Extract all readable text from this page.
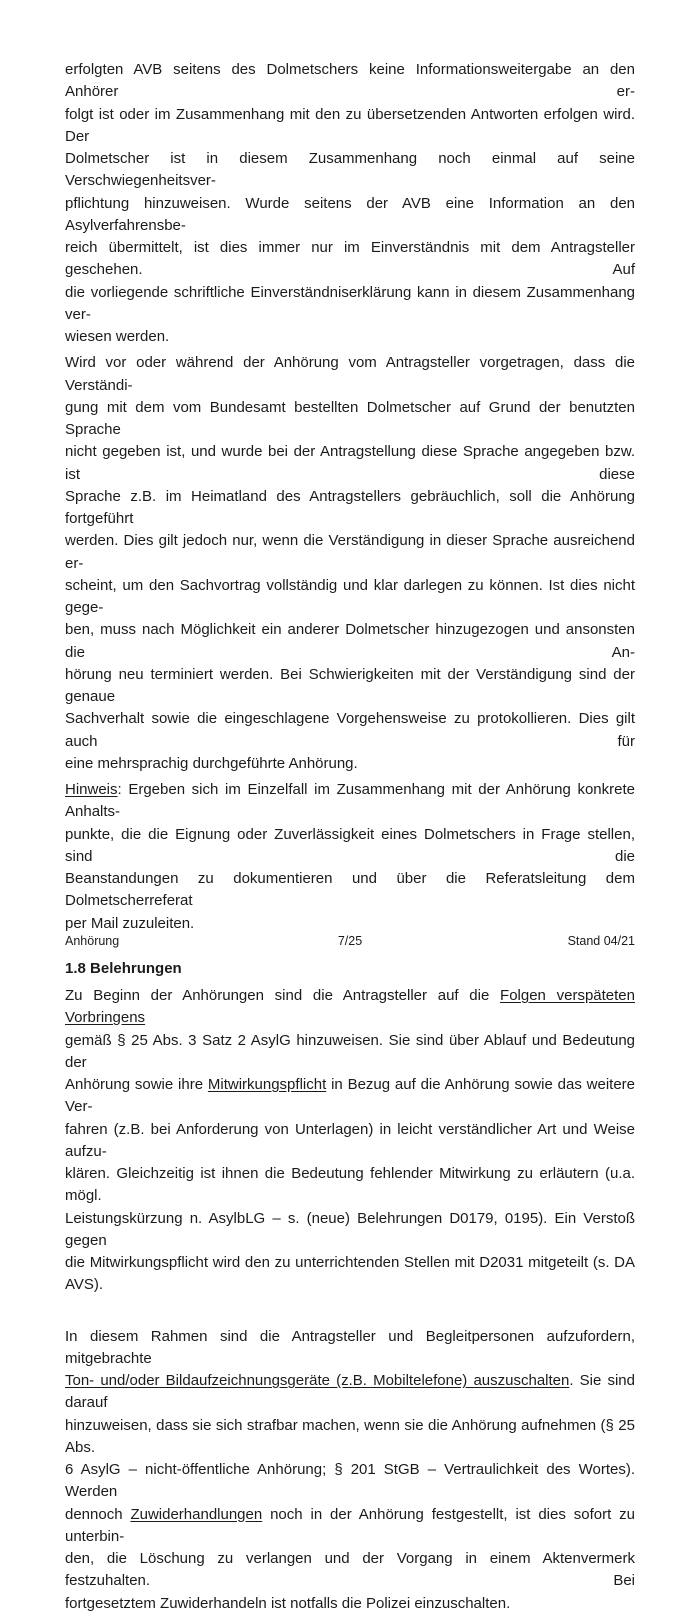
erfolgten AVB seitens des Dolmetschers keine Informationsweitergabe an den Anhörer er-
folgt ist oder im Zusammenhang mit den zu übersetzenden Antworten erfolgen wird. Der
Dolmetscher ist in diesem Zusammenhang noch einmal auf seine Verschwiegenheitsver-
pflichtung hinzuweisen. Wurde seitens der AVB eine Information an den Asylverfahrensbe-
reich übermittelt, ist dies immer nur im Einverständnis mit dem Antragsteller geschehen. Auf
die vorliegende schriftliche Einverständniserklärung kann in diesem Zusammenhang ver-
wiesen werden.
Wird vor oder während der Anhörung vom Antragsteller vorgetragen, dass die Verständi-
gung mit dem vom Bundesamt bestellten Dolmetscher auf Grund der benutzten Sprache
nicht gegeben ist, und wurde bei der Antragstellung diese Sprache angegeben bzw. ist diese
Sprache z.B. im Heimatland des Antragstellers gebräuchlich, soll die Anhörung fortgeführt
werden. Dies gilt jedoch nur, wenn die Verständigung in dieser Sprache ausreichend er-
scheint, um den Sachvortrag vollständig und klar darlegen zu können. Ist dies nicht gege-
ben, muss nach Möglichkeit ein anderer Dolmetscher hinzugezogen und ansonsten die An-
hörung neu terminiert werden. Bei Schwierigkeiten mit der Verständigung sind der genaue
Sachverhalt sowie die eingeschlagene Vorgehensweise zu protokollieren. Dies gilt auch für
eine mehrsprachig durchgeführte Anhörung.
Hinweis: Ergeben sich im Einzelfall im Zusammenhang mit der Anhörung konkrete Anhalts-
punkte, die die Eignung oder Zuverlässigkeit eines Dolmetschers in Frage stellen, sind die
Beanstandungen zu dokumentieren und über die Referatsleitung dem Dolmetscherreferat
per Mail zuzuleiten.
1.8 Belehrungen
Zu Beginn der Anhörungen sind die Antragsteller auf die Folgen verspäteten Vorbringens
gemäß § 25 Abs. 3 Satz 2 AsylG hinzuweisen. Sie sind über Ablauf und Bedeutung der
Anhörung sowie ihre Mitwirkungspflicht in Bezug auf die Anhörung sowie das weitere Ver-
fahren (z.B. bei Anforderung von Unterlagen) in leicht verständlicher Art und Weise aufzu-
klären. Gleichzeitig ist ihnen die Bedeutung fehlender Mitwirkung zu erläutern (u.a. mögl.
Leistungskürzung n. AsylbLG – s. (neue) Belehrungen D0179, 0195). Ein Verstoß gegen
die Mitwirkungspflicht wird den zu unterrichtenden Stellen mit D2031 mitgeteilt (s. DA AVS).
In diesem Rahmen sind die Antragsteller und Begleitpersonen aufzufordern, mitgebrachte
Ton- und/oder Bildaufzeichnungsgeräte (z.B. Mobiltelefone) auszuschalten. Sie sind darauf
hinzuweisen, dass sie sich strafbar machen, wenn sie die Anhörung aufnehmen (§ 25 Abs.
6 AsylG – nicht-öffentliche Anhörung; § 201 StGB – Vertraulichkeit des Wortes). Werden
dennoch Zuwiderhandlungen noch in der Anhörung festgestellt, ist dies sofort zu unterbin-
den, die Löschung zu verlangen und der Vorgang in einem Aktenvermerk festzuhalten. Bei
fortgesetztem Zuwiderhandeln ist notfalls die Polizei einzuschalten.
Anhörung	7/25	Stand 04/21
